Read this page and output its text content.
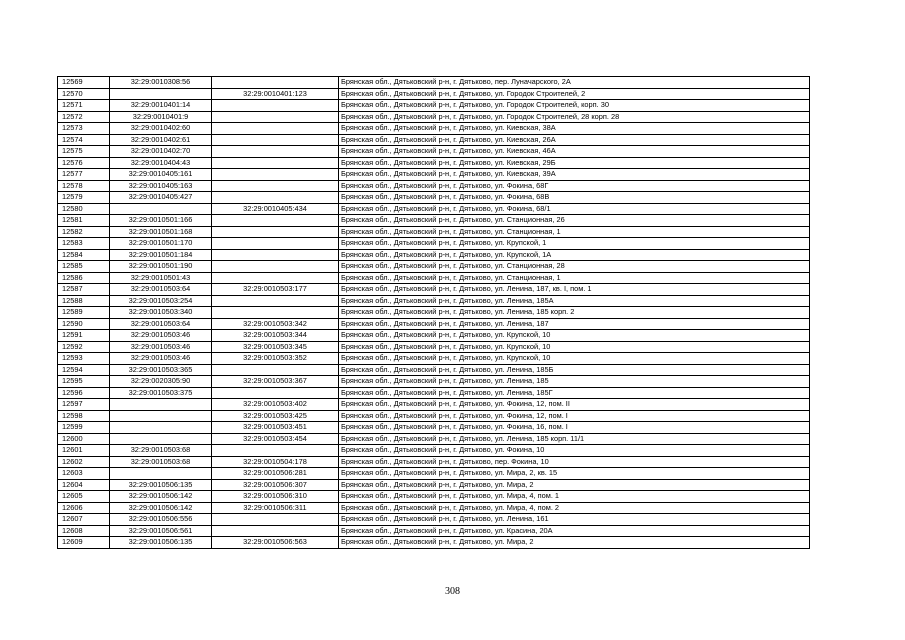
12569	32:29:0010308:56		Брянская обл., Дятьковский р-н, г. Дятьково, пер. Луначарского, 2А
12570		32:29:0010401:123	Брянская обл., Дятьковский р-н, г. Дятьково, ул. Городок Строителей, 2
12571	32:29:0010401:14		Брянская обл., Дятьковский р-н, г. Дятьково, ул. Городок Строителей, корп. 30
12572	32:29:0010401:9		Брянская обл., Дятьковский р-н, г. Дятьково, ул. Городок Строителей, 28 корп. 28
12573	32:29:0010402:60		Брянская обл., Дятьковский р-н, г. Дятьково, ул. Киевская, 38А
12574	32:29:0010402:61		Брянская обл., Дятьковский р-н, г. Дятьково, ул. Киевская, 26А
12575	32:29:0010402:70		Брянская обл., Дятьковский р-н, г. Дятьково, ул. Киевская, 46А
12576	32:29:0010404:43		Брянская обл., Дятьковский р-н, г. Дятьково, ул. Киевская, 29Б
12577	32:29:0010405:161		Брянская обл., Дятьковский р-н, г. Дятьково, ул. Киевская, 39А
12578	32:29:0010405:163		Брянская обл., Дятьковский р-н, г. Дятьково, ул. Фокина, 68Г
12579	32:29:0010405:427		Брянская обл., Дятьковский р-н, г. Дятьково, ул. Фокина, 68В
12580		32:29:0010405:434	Брянская обл., Дятьковский р-н, г. Дятьково, ул. Фокина, 68/1
12581	32:29:0010501:166		Брянская обл., Дятьковский р-н, г. Дятьково, ул. Станционная, 26
12582	32:29:0010501:168		Брянская обл., Дятьковский р-н, г. Дятьково, ул. Станционная, 1
12583	32:29:0010501:170		Брянская обл., Дятьковский р-н, г. Дятьково, ул. Крупской, 1
12584	32:29:0010501:184		Брянская обл., Дятьковский р-н, г. Дятьково, ул. Крупской, 1А
12585	32:29:0010501:190		Брянская обл., Дятьковский р-н, г. Дятьково, ул. Станционная, 28
12586	32:29:0010501:43		Брянская обл., Дятьковский р-н, г. Дятьково, ул. Станционная, 1
12587	32:29:0010503:64	32:29:0010503:177	Брянская обл., Дятьковский р-н, г. Дятьково, ул. Ленина, 187, кв. I, пом. 1
12588	32:29:0010503:254		Брянская обл., Дятьковский р-н, г. Дятьково, ул. Ленина, 185А
12589	32:29:0010503:340		Брянская обл., Дятьковский р-н, г. Дятьково, ул. Ленина, 185 корп. 2
12590	32:29:0010503:64	32:29:0010503:342	Брянская обл., Дятьковский р-н, г. Дятьково, ул. Ленина, 187
12591	32:29:0010503:46	32:29:0010503:344	Брянская обл., Дятьковский р-н, г. Дятьково, ул. Крупской, 10
12592	32:29:0010503:46	32:29:0010503:345	Брянская обл., Дятьковский р-н, г. Дятьково, ул. Крупской, 10
12593	32:29:0010503:46	32:29:0010503:352	Брянская обл., Дятьковский р-н, г. Дятьково, ул. Крупской, 10
12594	32:29:0010503:365		Брянская обл., Дятьковский р-н, г. Дятьково, ул. Ленина, 185Б
12595	32:29:0020305:90	32:29:0010503:367	Брянская обл., Дятьковский р-н, г. Дятьково, ул. Ленина, 185
12596	32:29:0010503:375		Брянская обл., Дятьковский р-н, г. Дятьково, ул. Ленина, 185Г
12597		32:29:0010503:402	Брянская обл., Дятьковский р-н, г. Дятьково, ул. Фокина, 12, пом. II
12598		32:29:0010503:425	Брянская обл., Дятьковский р-н, г. Дятьково, ул. Фокина, 12, пом. I
12599		32:29:0010503:451	Брянская обл., Дятьковский р-н, г. Дятьково, ул. Фокина, 16, пом. I
12600		32:29:0010503:454	Брянская обл., Дятьковский р-н, г. Дятьково, ул. Ленина, 185 корп. 11/1
12601	32:29:0010503:68		Брянская обл., Дятьковский р-н, г. Дятьково, ул. Фокина, 10
12602	32:29:0010503:68	32:29:0010504:178	Брянская обл., Дятьковский р-н, г. Дятьково, пер. Фокина, 10
12603		32:29:0010506:281	Брянская обл., Дятьковский р-н, г. Дятьково, ул. Мира, 2, кв. 15
12604	32:29:0010506:135	32:29:0010506:307	Брянская обл., Дятьковский р-н, г. Дятьково, ул. Мира, 2
12605	32:29:0010506:142	32:29:0010506:310	Брянская обл., Дятьковский р-н, г. Дятьково, ул. Мира, 4, пом. 1
12606	32:29:0010506:142	32:29:0010506:311	Брянская обл., Дятьковский р-н, г. Дятьково, ул. Мира, 4, пом. 2
12607	32:29:0010506:556		Брянская обл., Дятьковский р-н, г. Дятьково, ул. Ленина, 161
12608	32:29:0010506:561		Брянская обл., Дятьковский р-н, г. Дятьково, ул. Красина, 20А
12609	32:29:0010506:135	32:29:0010506:563	Брянская обл., Дятьковский р-н, г. Дятьково, ул. Мира, 2
308
